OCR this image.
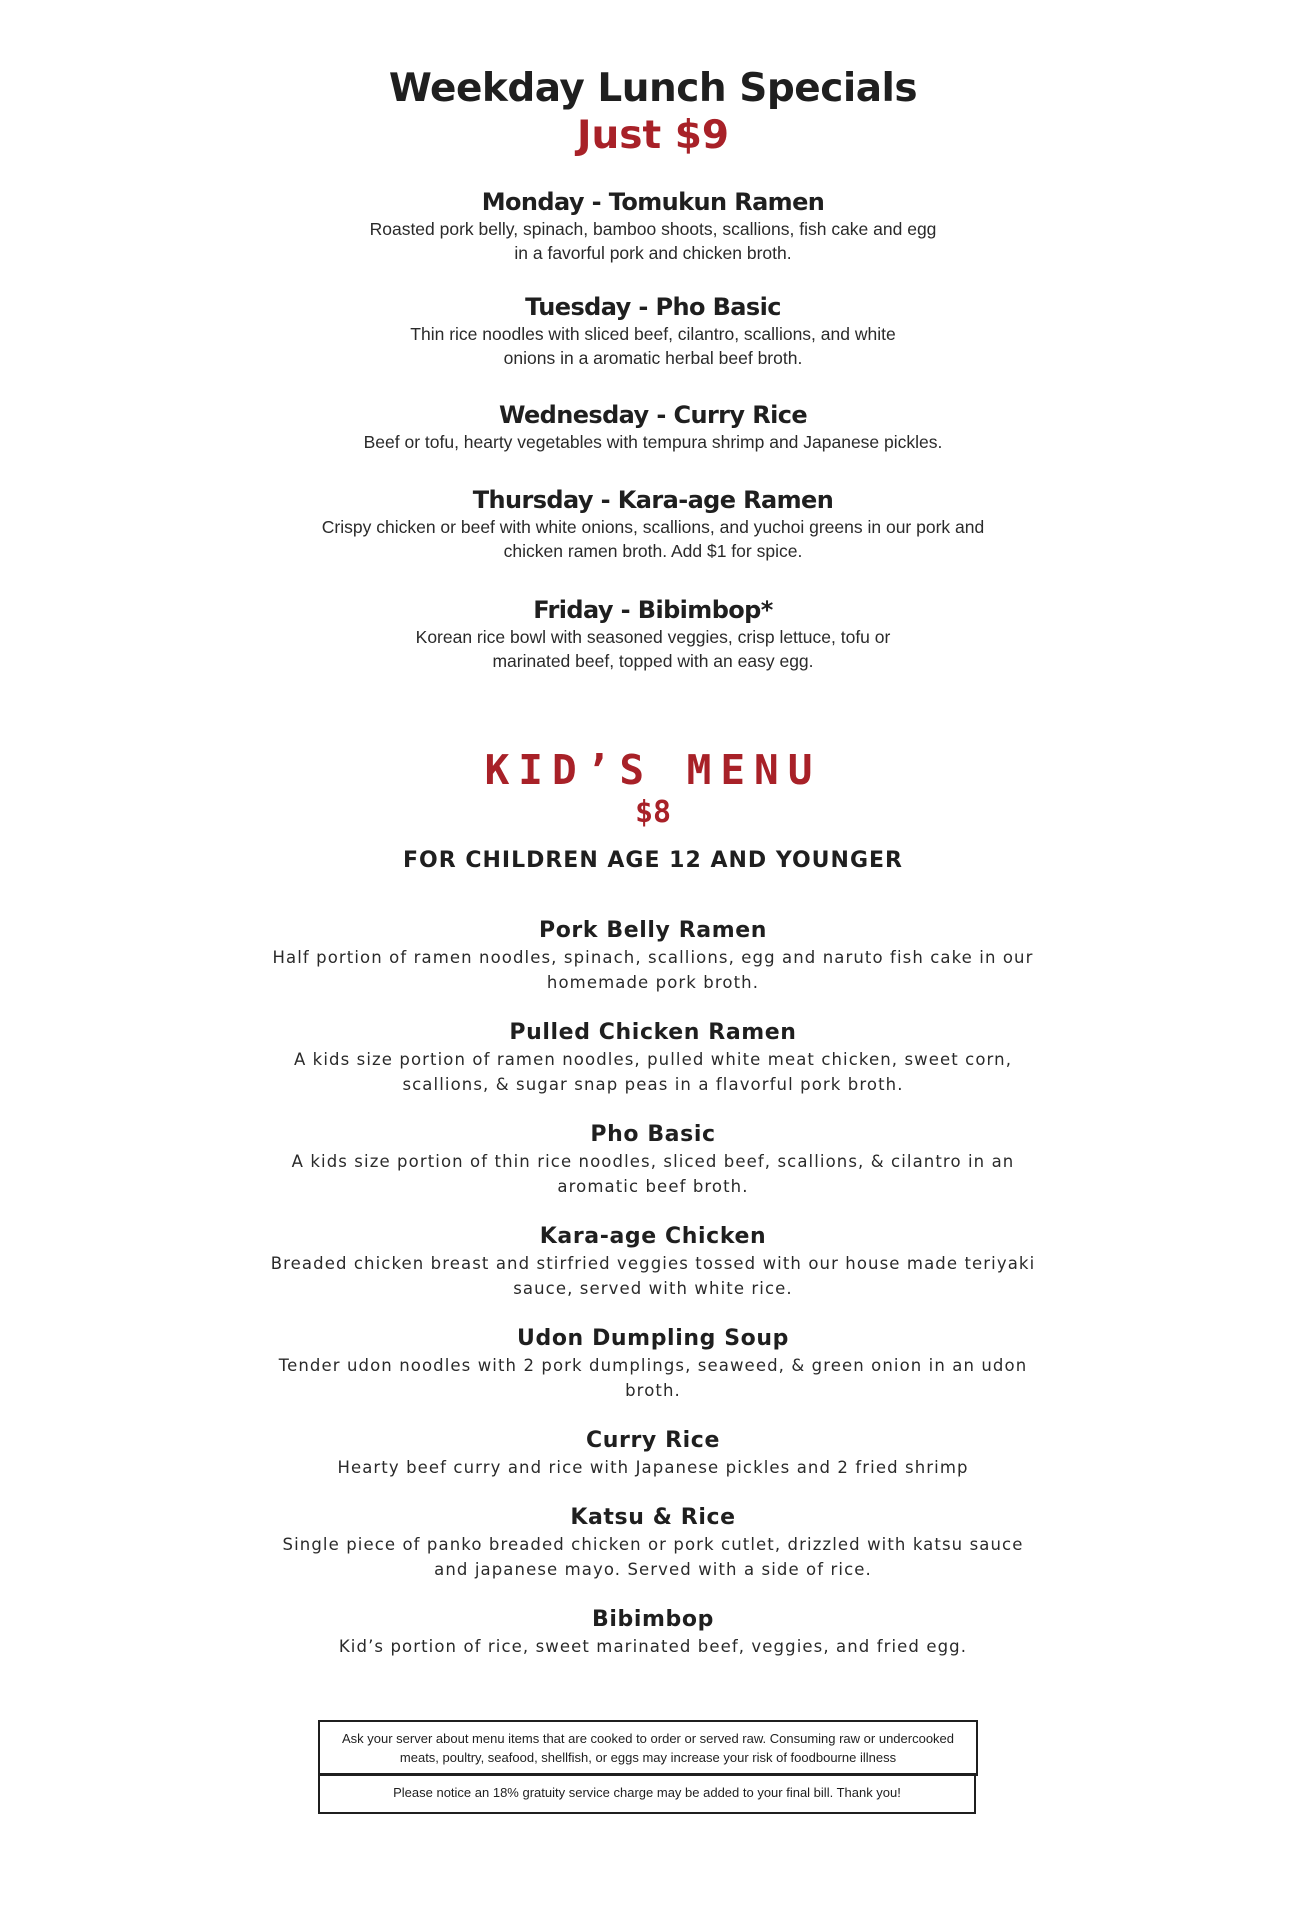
Weekday Lunch Specials
Just $9
Monday - Tomukun Ramen
Roasted pork belly, spinach, bamboo shoots, scallions, fish cake and egg
in a favorful pork and chicken broth.
Tuesday - Pho Basic
Thin rice noodles with sliced beef, cilantro, scallions, and white
onions in a aromatic herbal beef broth.
Wednesday - Curry Rice
Beef or tofu, hearty vegetables with tempura shrimp and Japanese pickles.
Thursday - Kara-age Ramen
Crispy chicken or beef with white onions, scallions, and yuchoi greens in our pork and
chicken ramen broth. Add $1 for spice.
Friday - Bibimbop*
Korean rice bowl with seasoned veggies, crisp lettuce, tofu or
marinated beef, topped with an easy egg.
KID’S MENU
$8
FOR CHILDREN AGE 12 AND YOUNGER
Pork Belly Ramen
Half portion of ramen noodles, spinach, scallions, egg and naruto fish cake in our
homemade pork broth.
Pulled Chicken Ramen
A kids size portion of ramen noodles, pulled white meat chicken, sweet corn,
scallions, & sugar snap peas in a flavorful pork broth.
Pho Basic
A kids size portion of thin rice noodles, sliced beef, scallions, & cilantro in an
aromatic beef broth.
Kara-age Chicken
Breaded chicken breast and stirfried veggies tossed with our house made teriyaki
sauce, served with white rice.
Udon Dumpling Soup
Tender udon noodles with 2 pork dumplings, seaweed, & green onion in an udon
broth.
Curry Rice
Hearty beef curry and rice with Japanese pickles and 2 fried shrimp
Katsu & Rice
Single piece of panko breaded chicken or pork cutlet, drizzled with katsu sauce
and japanese mayo. Served with a side of rice.
Bibimbop
Kid’s portion of rice, sweet marinated beef, veggies, and fried egg.
Ask your server about menu items that are cooked to order or served raw. Consuming raw or undercooked
meats, poultry, seafood, shellfish, or eggs may increase your risk of foodbourne illness
Please notice an 18% gratuity service charge may be added to your final bill. Thank you!
